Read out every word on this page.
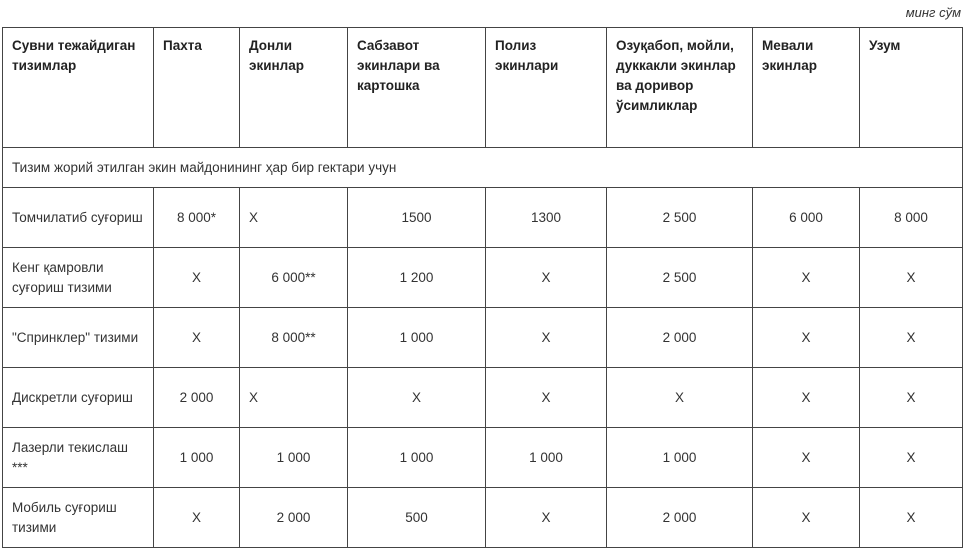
минг сўм
Сувни тежайдиган тизимлар	Пахта	Донли экинлар	Сабзавот экинлари ва картошка	Полиз экинлари	Озуқабоп, мойли, дуккакли экинлар ва доривор ўсимликлар	Мевали экинлар	Узум
Тизим жорий этилган экин майдонининг ҳар бир гектари учун							
Томчилатиб суғориш	8 000*	X	1500	1300	2 500	6 000	8 000
Кенг қамровли суғориш тизими	X	6 000**	1 200	X	2 500	X	X
"Спринклер" тизими	X	8 000**	1 000	X	2 000	X	X
Дискретли суғориш	2 000	X	X	X	X	X	X
Лазерли текислаш ***	1 000	1 000	1 000	1 000	1 000	X	X
Мобиль суғориш тизими	X	2 000	500	X	2 000	X	X
